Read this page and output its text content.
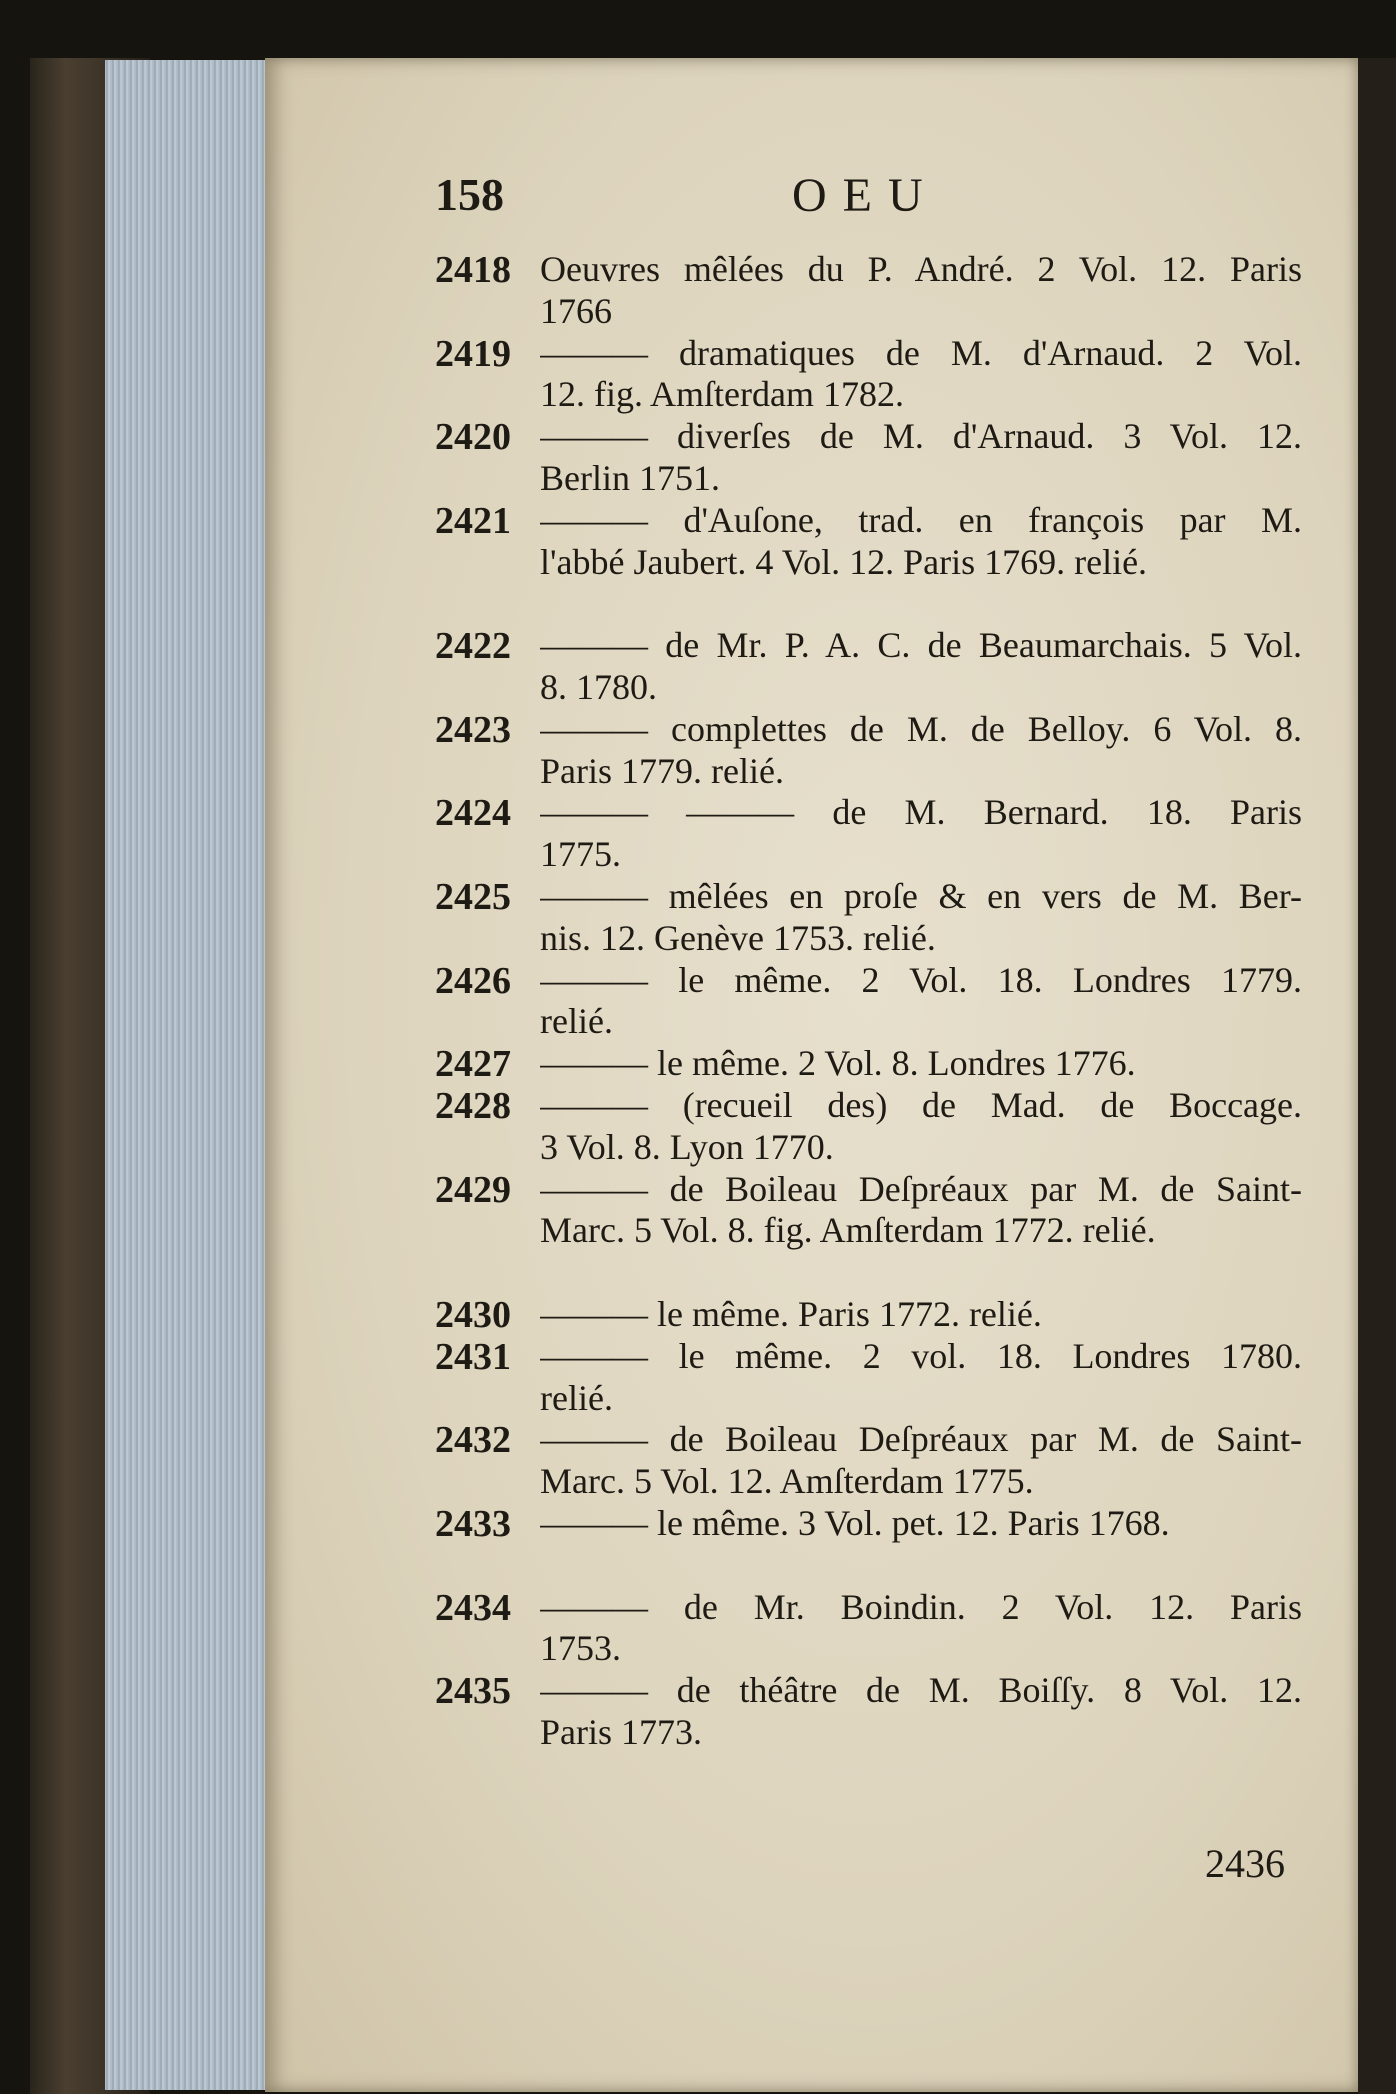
158	OEU
2418 Oeuvres mêlées du P. André. 2 Vol. 12. Paris
1766
2419 ——— dramatiques de M. d'Arnaud. 2 Vol.
12. fig. Amſterdam 1782.
2420 ——— diverſes de M. d'Arnaud. 3 Vol. 12.
Berlin 1751.
2421 ——— d'Auſone, trad. en françois par M.
l'abbé Jaubert. 4 Vol. 12. Paris 1769. relié.
2422 ——— de Mr. P. A. C. de Beaumarchais. 5 Vol.
8. 1780.
2423 ——— complettes de M. de Belloy. 6 Vol. 8.
Paris 1779. relié.
2424 ——— ——— de M. Bernard. 18. Paris
1775.
2425 ——— mêlées en proſe & en vers de M. Ber-
nis. 12. Genève 1753. relié.
2426 ——— le même. 2 Vol. 18. Londres 1779.
relié.
2427 ——— le même. 2 Vol. 8. Londres 1776.
2428 ——— (recueil des) de Mad. de Boccage.
3 Vol. 8. Lyon 1770.
2429 ——— de Boileau Deſpréaux par M. de Saint-
Marc. 5 Vol. 8. fig. Amſterdam 1772. relié.
2430 ——— le même. Paris 1772. relié.
2431 ——— le même. 2 vol. 18. Londres 1780.
relié.
2432 ——— de Boileau Deſpréaux par M. de Saint-
Marc. 5 Vol. 12. Amſterdam 1775.
2433 ——— le même. 3 Vol. pet. 12. Paris 1768.
2434 ——— de Mr. Boindin. 2 Vol. 12. Paris
1753.
2435 ——— de théâtre de M. Boiſſy. 8 Vol. 12.
Paris 1773.
2436
